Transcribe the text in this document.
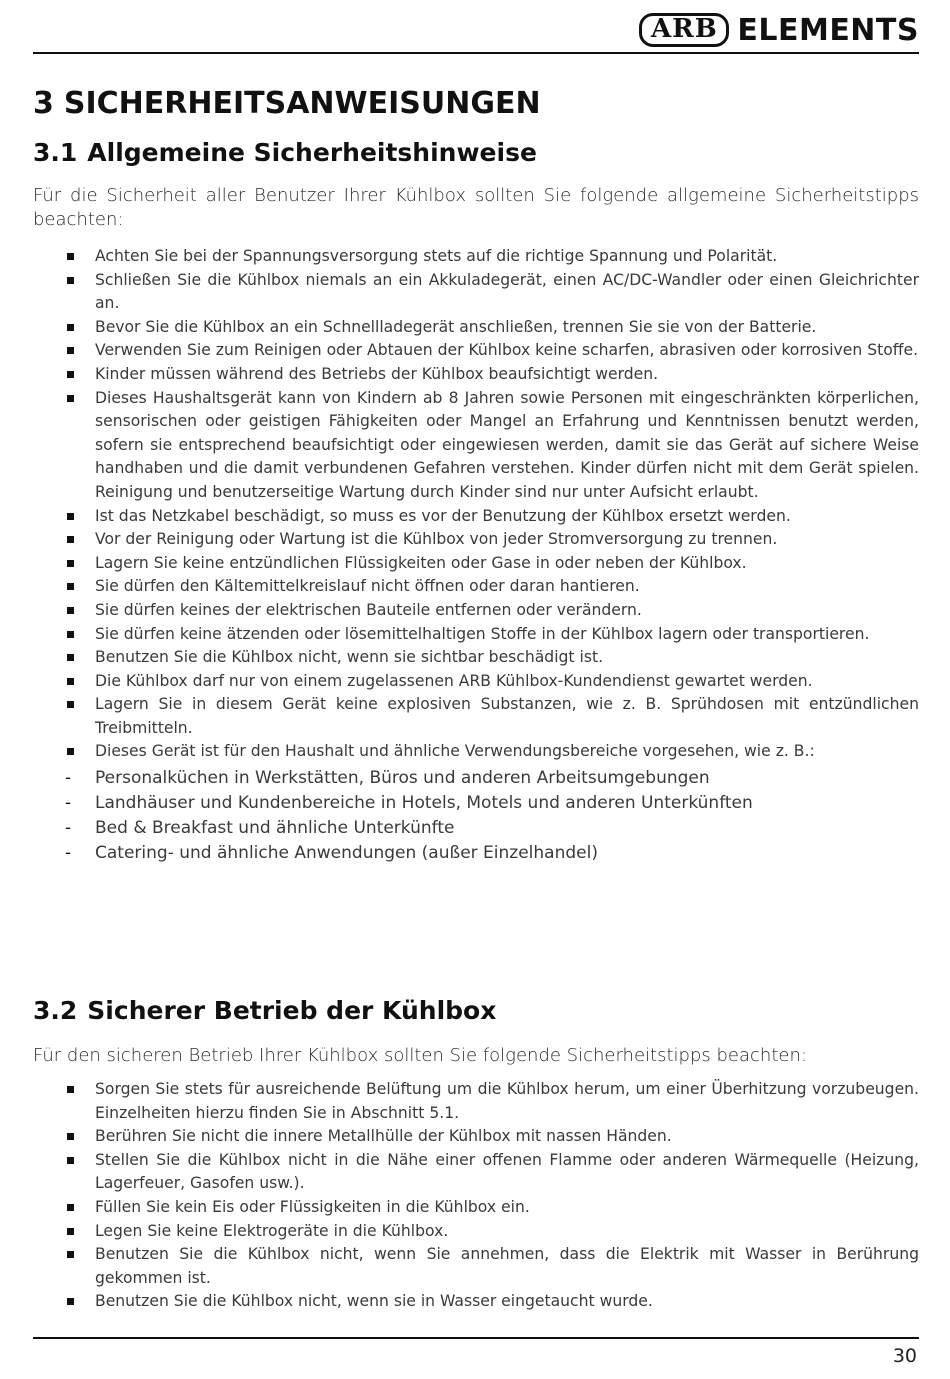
ARB ELEMENTS
3 SICHERHEITSANWEISUNGEN
3.1 Allgemeine Sicherheitshinweise

Für die Sicherheit aller Benutzer Ihrer Kühlbox sollten Sie folgende allgemeine Sicherheitstipps beachten:

Achten Sie bei der Spannungsversorgung stets auf die richtige Spannung und Polarität.
Schließen Sie die Kühlbox niemals an ein Akkuladegerät, einen AC/DC-Wandler oder einen Gleichrichter an.
Bevor Sie die Kühlbox an ein Schnellladegerät anschließen, trennen Sie sie von der Batterie.
Verwenden Sie zum Reinigen oder Abtauen der Kühlbox keine scharfen, abrasiven oder korrosiven Stoffe.
Kinder müssen während des Betriebs der Kühlbox beaufsichtigt werden.
Dieses Haushaltsgerät kann von Kindern ab 8 Jahren sowie Personen mit eingeschränkten körperlichen, sensorischen oder geistigen Fähigkeiten oder Mangel an Erfahrung und Kenntnissen benutzt werden, sofern sie entsprechend beaufsichtigt oder eingewiesen werden, damit sie das Gerät auf sichere Weise handhaben und die damit verbundenen Gefahren verstehen. Kinder dürfen nicht mit dem Gerät spielen. Reinigung und benutzerseitige Wartung durch Kinder sind nur unter Aufsicht erlaubt.
Ist das Netzkabel beschädigt, so muss es vor der Benutzung der Kühlbox ersetzt werden.
Vor der Reinigung oder Wartung ist die Kühlbox von jeder Stromversorgung zu trennen.
Lagern Sie keine entzündlichen Flüssigkeiten oder Gase in oder neben der Kühlbox.
Sie dürfen den Kältemittelkreislauf nicht öffnen oder daran hantieren.
Sie dürfen keines der elektrischen Bauteile entfernen oder verändern.
Sie dürfen keine ätzenden oder lösemittelhaltigen Stoffe in der Kühlbox lagern oder transportieren.
Benutzen Sie die Kühlbox nicht, wenn sie sichtbar beschädigt ist.
Die Kühlbox darf nur von einem zugelassenen ARB Kühlbox-Kundendienst gewartet werden.
Lagern Sie in diesem Gerät keine explosiven Substanzen, wie z. B. Sprühdosen mit entzündlichen Treibmitteln.
Dieses Gerät ist für den Haushalt und ähnliche Verwendungsbereiche vorgesehen, wie z. B.:
- Personalküchen in Werkstätten, Büros und anderen Arbeitsumgebungen
- Landhäuser und Kundenbereiche in Hotels, Motels und anderen Unterkünften
- Bed & Breakfast und ähnliche Unterkünfte
- Catering- und ähnliche Anwendungen (außer Einzelhandel)
3.2 Sicherer Betrieb der Kühlbox

Für den sicheren Betrieb Ihrer Kühlbox sollten Sie folgende Sicherheitstipps beachten:

Sorgen Sie stets für ausreichende Belüftung um die Kühlbox herum, um einer Überhitzung vorzubeugen. Einzelheiten hierzu finden Sie in Abschnitt 5.1.
Berühren Sie nicht die innere Metallhülle der Kühlbox mit nassen Händen.
Stellen Sie die Kühlbox nicht in die Nähe einer offenen Flamme oder anderen Wärmequelle (Heizung, Lagerfeuer, Gasofen usw.).
Füllen Sie kein Eis oder Flüssigkeiten in die Kühlbox ein.
Legen Sie keine Elektrogeräte in die Kühlbox.
Benutzen Sie die Kühlbox nicht, wenn Sie annehmen, dass die Elektrik mit Wasser in Berührung gekommen ist.
Benutzen Sie die Kühlbox nicht, wenn sie in Wasser eingetaucht wurde.
30
